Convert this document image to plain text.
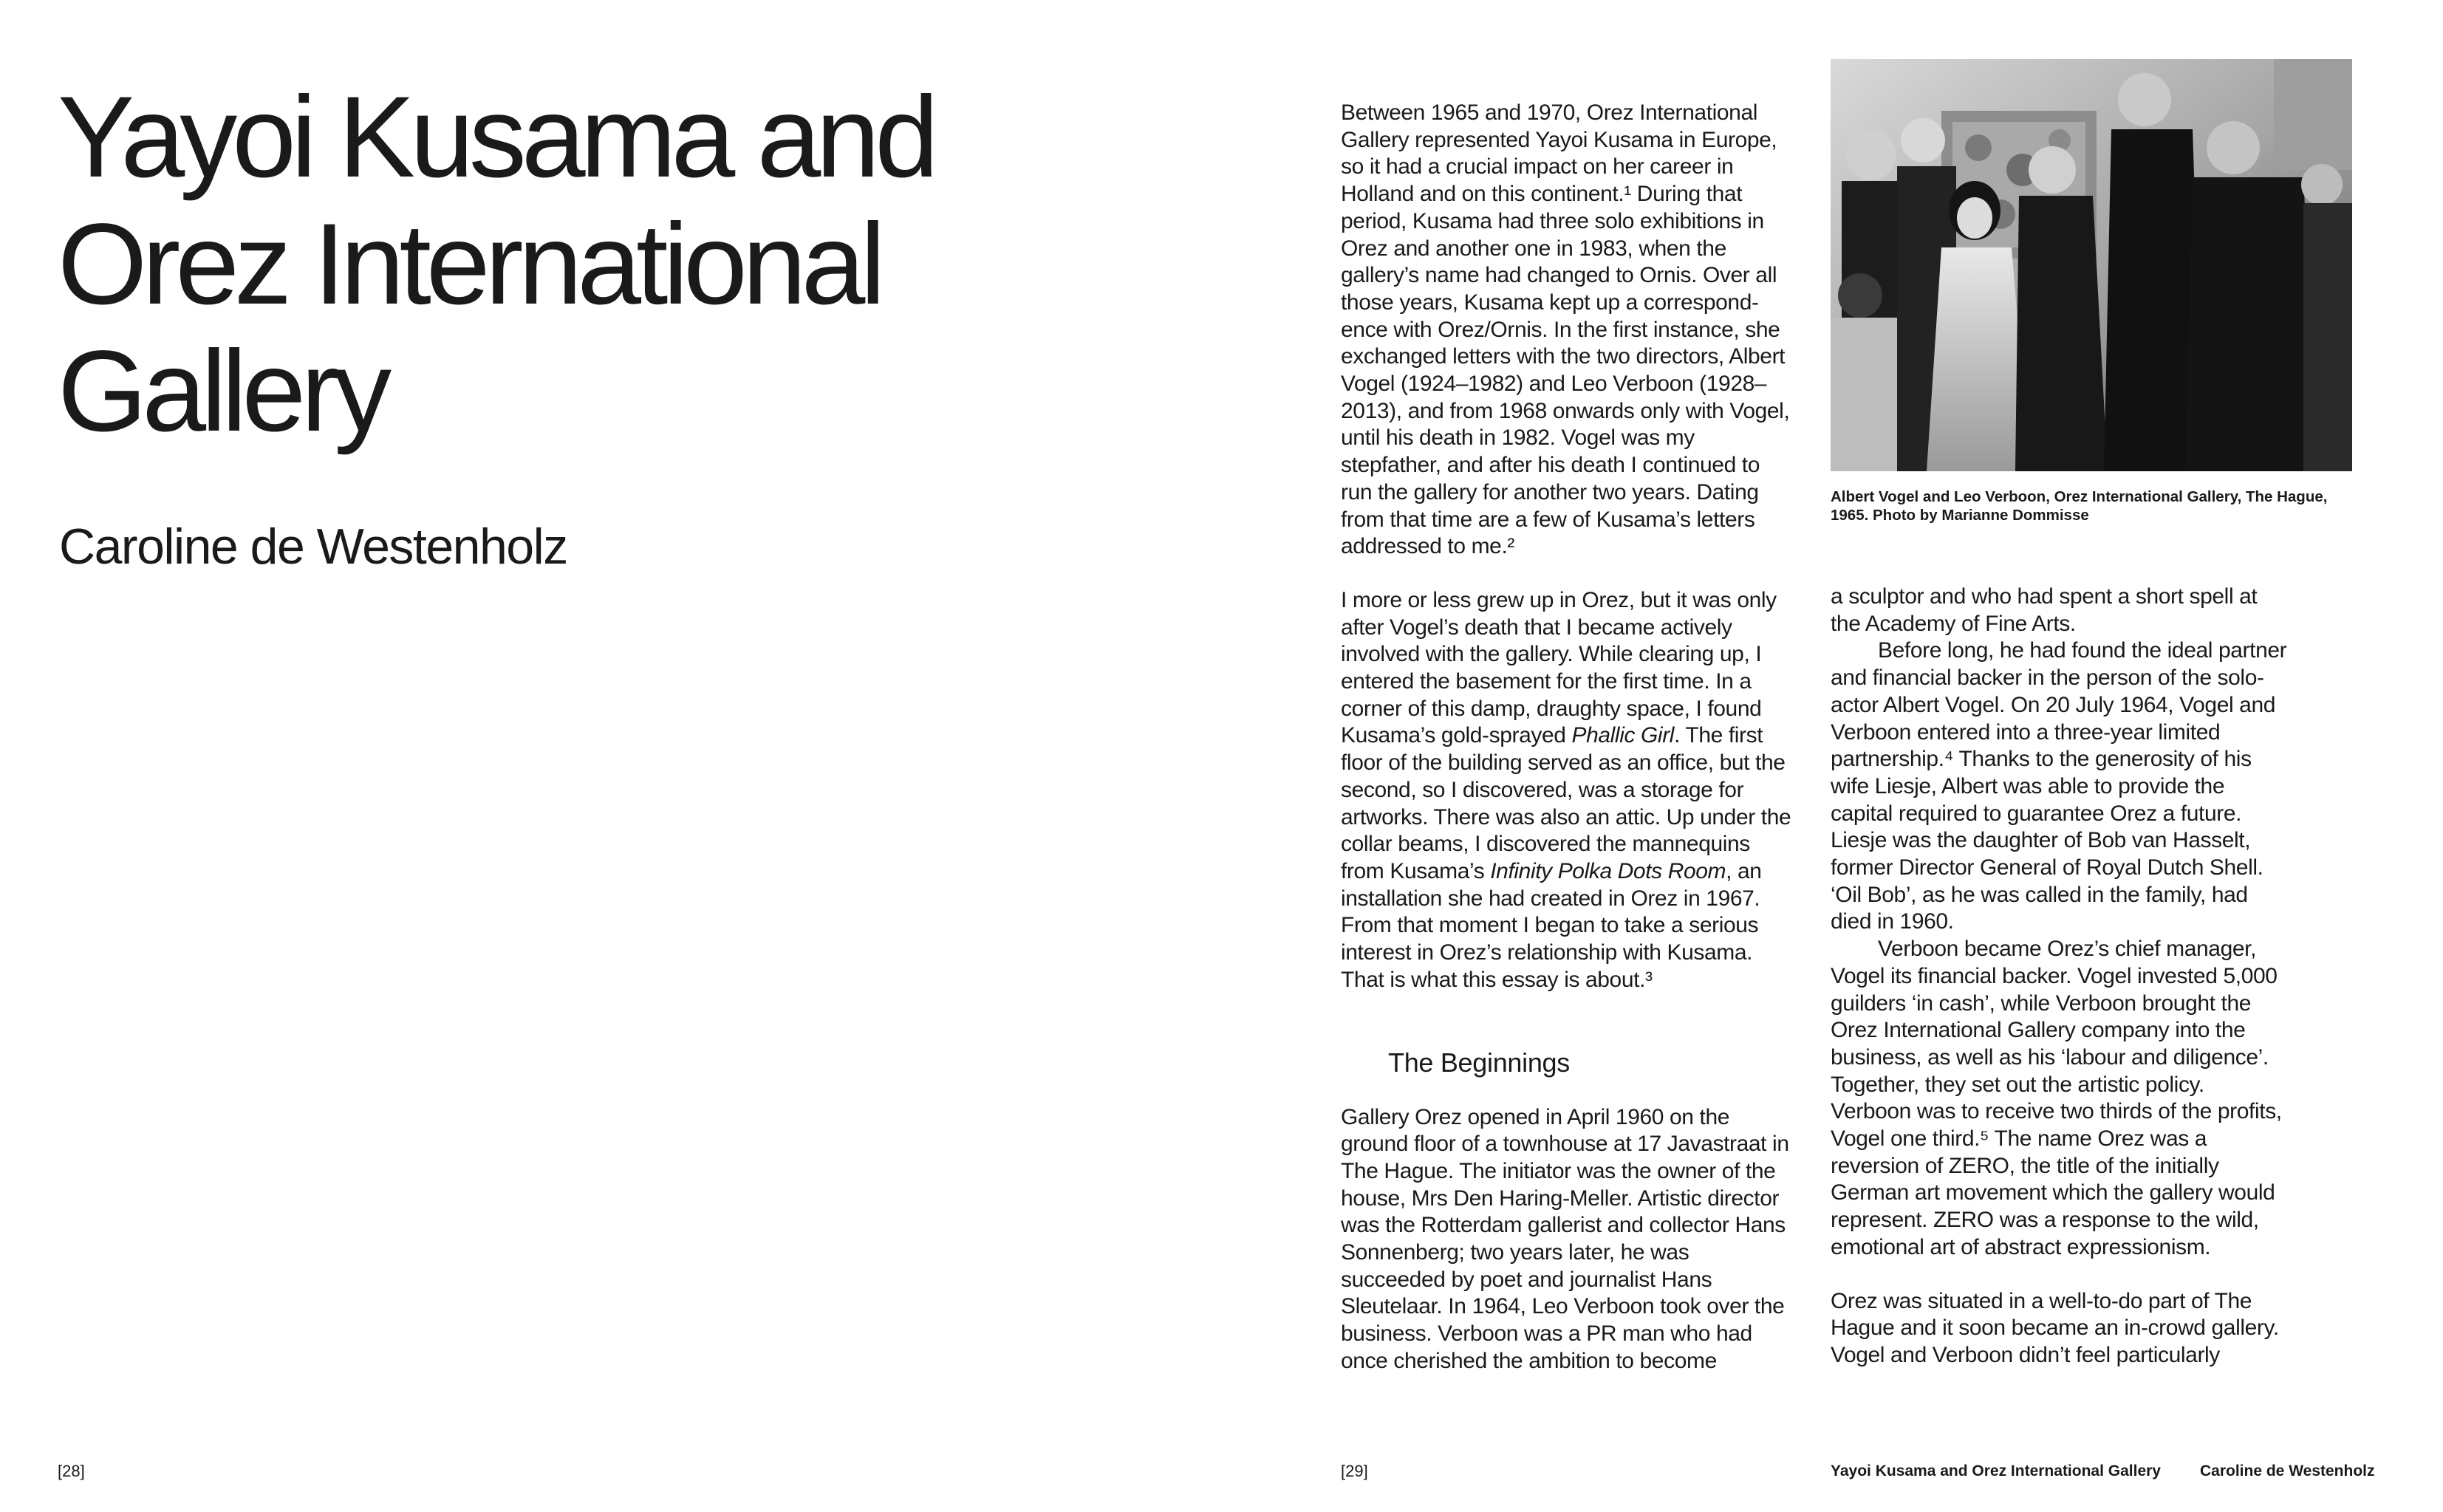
Yayoi Kusama and
Orez International
Gallery
Caroline de Westenholz
[28]

Between 1965 and 1970, Orez International Gallery represented Yayoi Kusama in Europe, so it had a crucial impact on her career in Holland and on this continent.¹ During that period, Kusama had three solo exhibitions in Orez and another one in 1983, when the gallery’s name had changed to Ornis. Over all those years, Kusama kept up a correspondence with Orez/Ornis. In the first instance, she exchanged letters with the two directors, Albert Vogel (1924–1982) and Leo Verboon (1928–2013), and from 1968 onwards only with Vogel, until his death in 1982. Vogel was my stepfather, and after his death I continued to run the gallery for another two years. Dating from that time are a few of Kusama’s letters addressed to me.²

I more or less grew up in Orez, but it was only after Vogel’s death that I became actively involved with the gallery. While clearing up, I entered the basement for the first time. In a corner of this damp, draughty space, I found Kusama’s gold-sprayed Phallic Girl. The first floor of the building served as an office, but the second, so I discovered, was a storage for artworks. There was also an attic. Up under the collar beams, I discovered the mannequins from Kusama’s Infinity Polka Dots Room, an installation she had created in Orez in 1967. From that moment I began to take a serious interest in Orez’s relationship with Kusama. That is what this essay is about.³

The Beginnings

Gallery Orez opened in April 1960 on the ground floor of a townhouse at 17 Javastraat in The Hague. The initiator was the owner of the house, Mrs Den Haring-Meller. Artistic director was the Rotterdam gallerist and collector Hans Sonnenberg; two years later, he was succeeded by poet and journalist Hans Sleutelaar. In 1964, Leo Verboon took over the business. Verboon was a PR man who had once cherished the ambition to become

Albert Vogel and Leo Verboon, Orez International Gallery, The Hague, 1965. Photo by Marianne Dommisse

a sculptor and who had spent a short spell at the Academy of Fine Arts.

Before long, he had found the ideal partner and financial backer in the person of the solo-actor Albert Vogel. On 20 July 1964, Vogel and Verboon entered into a three-year limited partnership.⁴ Thanks to the generosity of his wife Liesje, Albert was able to provide the capital required to guarantee Orez a future. Liesje was the daughter of Bob van Hasselt, former Director General of Royal Dutch Shell. ‘Oil Bob’, as he was called in the family, had died in 1960.

Verboon became Orez’s chief manager, Vogel its financial backer. Vogel invested 5,000 guilders ‘in cash’, while Verboon brought the Orez International Gallery company into the business, as well as his ‘labour and diligence’. Together, they set out the artistic policy. Verboon was to receive two thirds of the profits, Vogel one third.⁵ The name Orez was a reversion of ZERO, the title of the initially German art movement which the gallery would represent. ZERO was a response to the wild, emotional art of abstract expressionism.

Orez was situated in a well-to-do part of The Hague and it soon became an in-crowd gallery. Vogel and Verboon didn’t feel particularly

[29]	Yayoi Kusama and Orez International Gallery	Caroline de Westenholz
